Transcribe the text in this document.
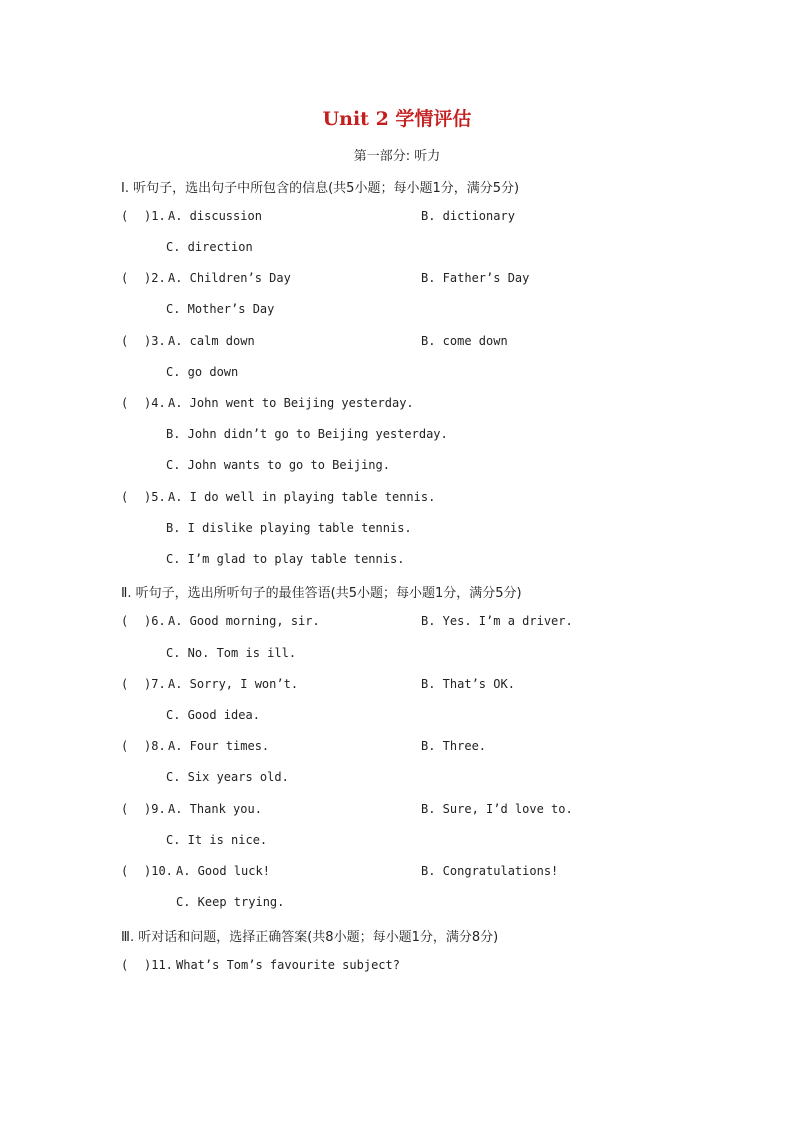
Unit 2 学情评估
第一部分: 听力
Ⅰ. 听句子，选出句子中所包含的信息(共5小题；每小题1分，满分5分)
( )1. A. discussion	B. dictionary
C. direction
( )2. A. Children’s Day	B. Father’s Day
C. Mother’s Day
( )3. A. calm down	B. come down
C. go down
( )4. A. John went to Beijing yesterday.
B. John didn’t go to Beijing yesterday.
C. John wants to go to Beijing.
( )5. A. I do well in playing table tennis.
B. I dislike playing table tennis.
C. I’m glad to play table tennis.
Ⅱ. 听句子，选出所听句子的最佳答语(共5小题；每小题1分，满分5分)
( )6. A. Good morning, sir.	B. Yes. I’m a driver.
C. No. Tom is ill.
( )7. A. Sorry, I won’t.	B. That’s OK.
C. Good idea.
( )8. A. Four times.	B. Three.
C. Six years old.
( )9. A. Thank you.	B. Sure, I’d love to.
C. It is nice.
( )10. A. Good luck!	B. Congratulations!
C. Keep trying.
Ⅲ. 听对话和问题，选择正确答案(共8小题；每小题1分，满分8分)
( )11. What’s Tom’s favourite subject?
